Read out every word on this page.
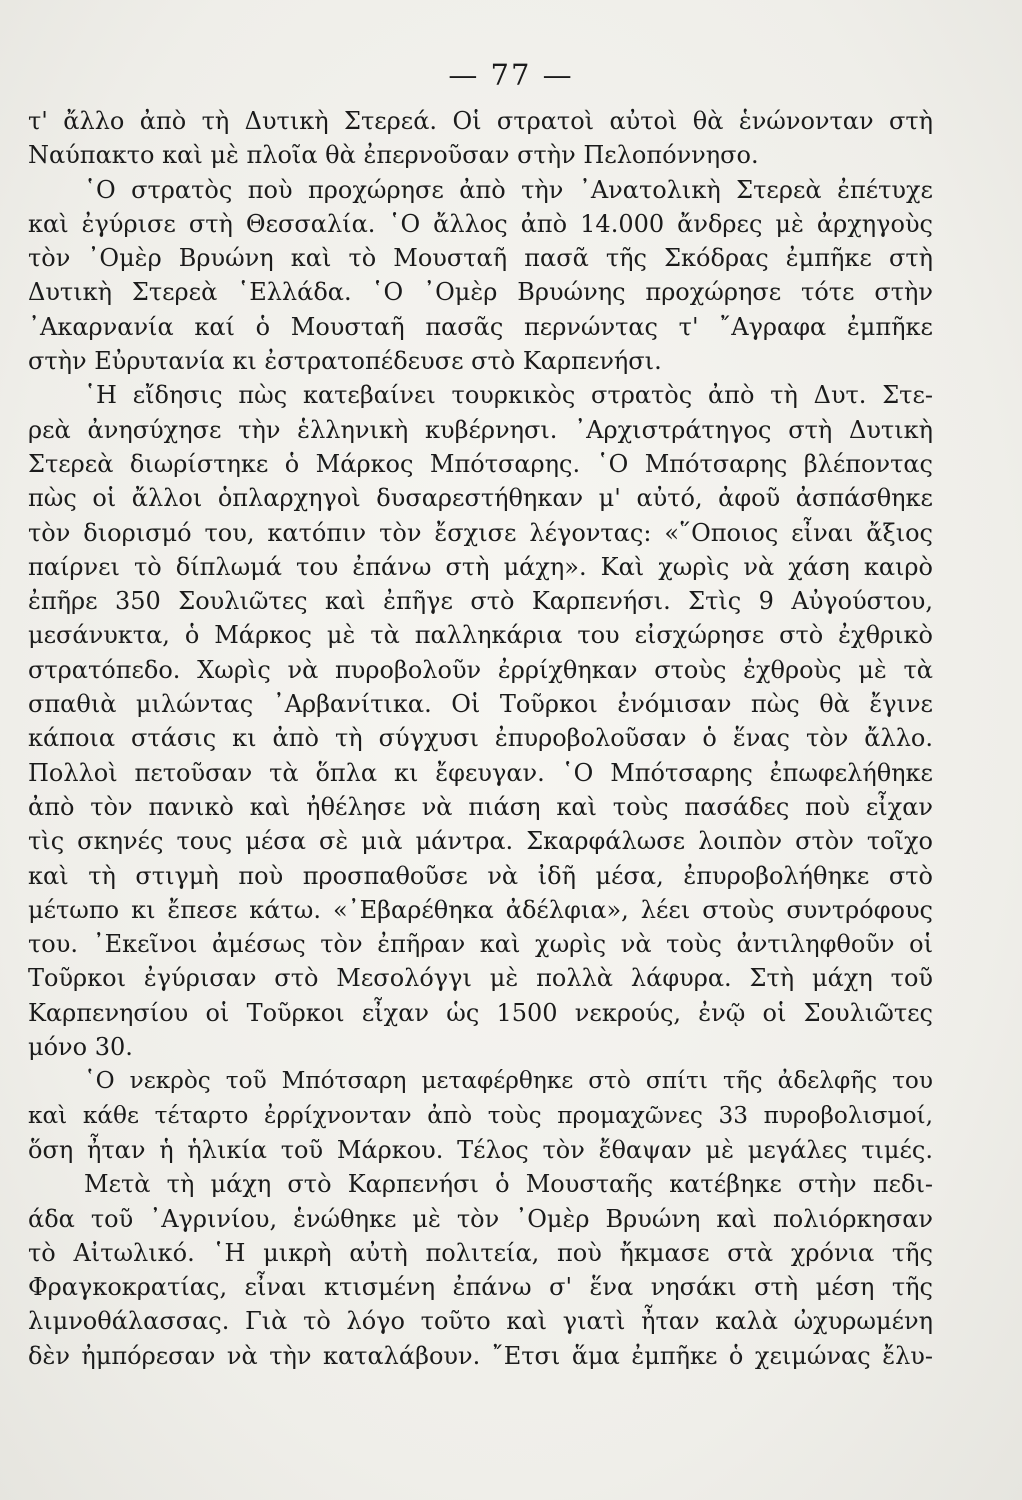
— 77 —
τ' ἄλλο ἀπὸ τὴ Δυτικὴ Στερεά. Οἱ στρατοὶ αὐτοὶ θὰ ἑνώνονταν στὴ
Ναύπακτο καὶ μὲ πλοῖα θὰ ἐπερνοῦσαν στὴν Πελοπόννησο.
῾Ο στρατὸς ποὺ προχώρησε ἀπὸ τὴν ᾿Ανατολικὴ Στερεὰ ἐπέτυχε
καὶ ἐγύρισε στὴ Θεσσαλία. ῾Ο ἄλλος ἀπὸ 14.000 ἄνδρες μὲ ἀρχηγοὺς
τὸν ᾿Ομὲρ Βρυώνη καὶ τὸ Μουσταῆ πασᾶ τῆς Σκόδρας ἐμπῆκε στὴ
Δυτικὴ Στερεὰ ῾Ελλάδα. ῾Ο ᾿Ομὲρ Βρυώνης προχώρησε τότε στὴν
᾿Ακαρνανία καί ὁ Μουσταῆ πασᾶς περνώντας τ' ῎Αγραφα ἐμπῆκε
στὴν Εὐρυτανία κι ἐστρατοπέδευσε στὸ Καρπενήσι.
῾Η εἴδησις πὼς κατεβαίνει τουρκικὸς στρατὸς ἀπὸ τὴ Δυτ. Στε-
ρεὰ ἀνησύχησε τὴν ἑλληνικὴ κυβέρνησι. ᾿Αρχιστράτηγος στὴ Δυτικὴ
Στερεὰ διωρίστηκε ὁ Μάρκος Μπότσαρης. ῾Ο Μπότσαρης βλέποντας
πὼς οἱ ἄλλοι ὁπλαρχηγοὶ δυσαρεστήθηκαν μ' αὐτό, ἀφοῦ ἀσπάσθηκε
τὸν διορισμό του, κατόπιν τὸν ἔσχισε λέγοντας: «῞Οποιος εἶναι ἄξιος
παίρνει τὸ δίπλωμά του ἐπάνω στὴ μάχη». Καὶ χωρὶς νὰ χάση καιρὸ
ἐπῆρε 350 Σουλιῶτες καὶ ἐπῆγε στὸ Καρπενήσι. Στὶς 9 Αὐγούστου,
μεσάνυκτα, ὁ Μάρκος μὲ τὰ παλληκάρια του εἰσχώρησε στὸ ἐχθρικὸ
στρατόπεδο. Χωρὶς νὰ πυροβολοῦν ἐρρίχθηκαν στοὺς ἐχθροὺς μὲ τὰ
σπαθιὰ μιλώντας ᾿Αρβανίτικα. Οἱ Τοῦρκοι ἐνόμισαν πὼς θὰ ἔγινε
κάποια στάσις κι ἀπὸ τὴ σύγχυσι ἐπυροβολοῦσαν ὁ ἕνας τὸν ἄλλο.
Πολλοὶ πετοῦσαν τὰ ὅπλα κι ἔφευγαν. ῾Ο Μπότσαρης ἐπωφελήθηκε
ἀπὸ τὸν πανικὸ καὶ ἠθέλησε νὰ πιάση καὶ τοὺς πασάδες ποὺ εἶχαν
τὶς σκηνές τους μέσα σὲ μιὰ μάντρα. Σκαρφάλωσε λοιπὸν στὸν τοῖχο
καὶ τὴ στιγμὴ ποὺ προσπαθοῦσε νὰ ἰδῆ μέσα, ἐπυροβολήθηκε στὸ
μέτωπο κι ἔπεσε κάτω. «᾿Εβαρέθηκα ἀδέλφια», λέει στοὺς συντρόφους
του. ᾿Εκεῖνοι ἀμέσως τὸν ἐπῆραν καὶ χωρὶς νὰ τοὺς ἀντιληφθοῦν οἱ
Τοῦρκοι ἐγύρισαν στὸ Μεσολόγγι μὲ πολλὰ λάφυρα. Στὴ μάχη τοῦ
Καρπενησίου οἱ Τοῦρκοι εἶχαν ὡς 1500 νεκρούς, ἐνῷ οἱ Σουλιῶτες
μόνο 30.
῾Ο νεκρὸς τοῦ Μπότσαρη μεταφέρθηκε στὸ σπίτι τῆς ἀδελφῆς του
καὶ κάθε τέταρτο ἐρρίχνονταν ἀπὸ τοὺς προμαχῶνες 33 πυροβολισμοί,
ὅση ἦταν ἡ ἡλικία τοῦ Μάρκου. Τέλος τὸν ἔθαψαν μὲ μεγάλες τιμές.
Μετὰ τὴ μάχη στὸ Καρπενήσι ὁ Μουσταῆς κατέβηκε στὴν πεδι-
άδα τοῦ ᾿Αγρινίου, ἑνώθηκε μὲ τὸν ᾿Ομὲρ Βρυώνη καὶ πολιόρκησαν
τὸ Αἰτωλικό. ῾Η μικρὴ αὐτὴ πολιτεία, ποὺ ἤκμασε στὰ χρόνια τῆς
Φραγκοκρατίας, εἶναι κτισμένη ἐπάνω σ' ἕνα νησάκι στὴ μέση τῆς
λιμνοθάλασσας. Γιὰ τὸ λόγο τοῦτο καὶ γιατὶ ἦταν καλὰ ὠχυρωμένη
δὲν ἠμπόρεσαν νὰ τὴν καταλάβουν. ῎Ετσι ἅμα ἐμπῆκε ὁ χειμώνας ἔλυ-
